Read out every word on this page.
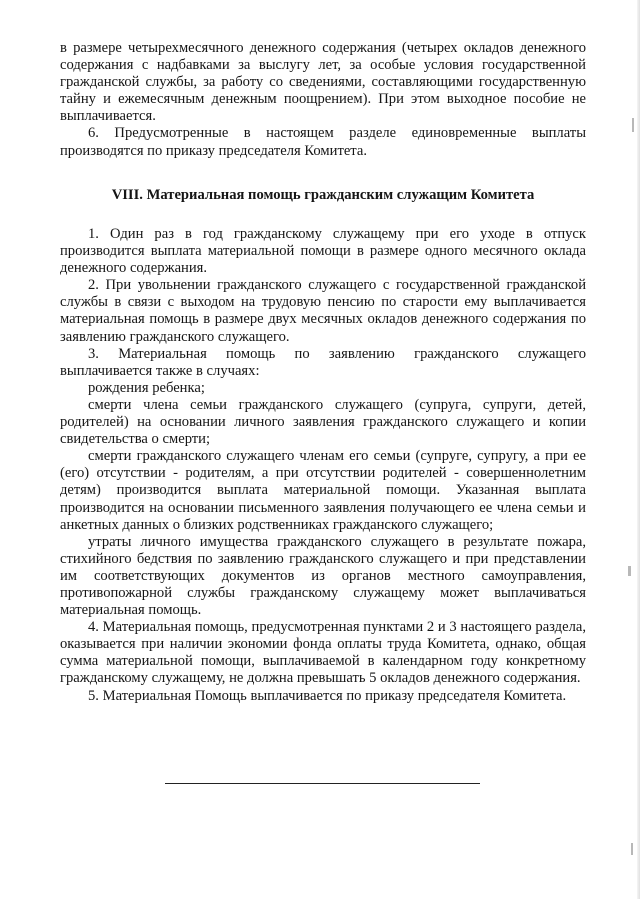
в размере четырехмесячного денежного содержания (четырех окладов денежного содержания с надбавками за выслугу лет, за особые условия государственной гражданской службы, за работу со сведениями, составляющими государственную тайну и ежемесячным денежным поощрением). При этом выходное пособие не выплачивается.

6. Предусмотренные в настоящем разделе единовременные выплаты производятся по приказу председателя Комитета.

VIII. Материальная помощь гражданским служащим Комитета

1. Один раз в год гражданскому служащему при его уходе в отпуск производится выплата материальной помощи в размере одного месячного оклада денежного содержания.

2. При увольнении гражданского служащего с государственной гражданской службы в связи с выходом на трудовую пенсию по старости ему выплачивается материальная помощь в размере двух месячных окладов денежного содержания по заявлению гражданского служащего.

3. Материальная помощь по заявлению гражданского служащего выплачивается также в случаях:

рождения ребенка;

смерти члена семьи гражданского служащего (супруга, супруги, детей, родителей) на основании личного заявления гражданского служащего и копии свидетельства о смерти;

смерти гражданского служащего членам его семьи (супруге, супругу, а при ее (его) отсутствии - родителям, а при отсутствии родителей - совершеннолетним детям) производится выплата материальной помощи. Указанная выплата производится на основании письменного заявления получающего ее члена семьи и анкетных данных о близких родственниках гражданского служащего;

утраты личного имущества гражданского служащего в результате пожара, стихийного бедствия по заявлению гражданского служащего и при представлении им соответствующих документов из органов местного самоуправления, противопожарной службы гражданскому служащему может выплачиваться материальная помощь.

4. Материальная помощь, предусмотренная пунктами 2 и 3 настоящего раздела, оказывается при наличии экономии фонда оплаты труда Комитета, однако, общая сумма материальной помощи, выплачиваемой в календарном году конкретному гражданскому служащему, не должна превышать 5 окладов денежного содержания.

5. Материальная Помощь выплачивается по приказу председателя Комитета.
